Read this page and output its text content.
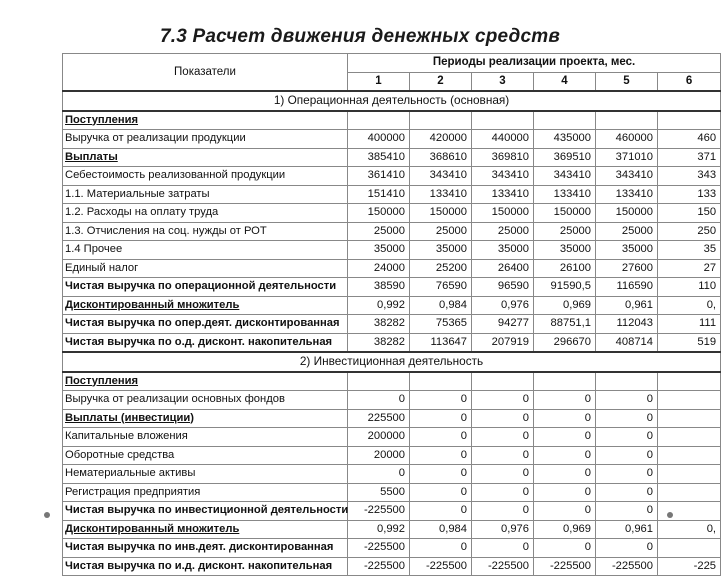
7.3 Расчет движения денежных средств
Показатели	Периоды реализации проекта, мес.					
	1	2	3	4	5	6
1) Операционная деятельность (основная)						
Поступления						
Выручка от реализации продукции	400000	420000	440000	435000	460000	460
Выплаты	385410	368610	369810	369510	371010	371
Себестоимость реализованной продукции	361410	343410	343410	343410	343410	343
1.1. Материальные затраты	151410	133410	133410	133410	133410	133
1.2. Расходы на оплату труда	150000	150000	150000	150000	150000	150
1.3. Отчисления на соц. нужды от РОТ	25000	25000	25000	25000	25000	250
1.4 Прочее	35000	35000	35000	35000	35000	35
Единый налог	24000	25200	26400	26100	27600	27
Чистая выручка по операционной деятельности	38590	76590	96590	91590,5	116590	110
Дисконтированный множитель	0,992	0,984	0,976	0,969	0,961	0,
Чистая выручка по опер.деят. дисконтированная	38282	75365	94277	88751,1	112043	111
Чистая выручка по о.д. дисконт. накопительная	38282	113647	207919	296670	408714	519
2) Инвестиционная деятельность						
Поступления						
Выручка от реализации основных фондов	0	0	0	0	0	
Выплаты (инвестиции)	225500	0	0	0	0	
Капитальные вложения	200000	0	0	0	0	
Оборотные средства	20000	0	0	0	0	
Нематериальные активы	0	0	0	0	0	
Регистрация предприятия	5500	0	0	0	0	
Чистая выручка по инвестиционной деятельности	-225500	0	0	0	0	
Дисконтированный множитель	0,992	0,984	0,976	0,969	0,961	0,
Чистая выручка по инв.деят. дисконтированная	-225500	0	0	0	0	
Чистая выручка по и.д. дисконт. накопительная	-225500	-225500	-225500	-225500	-225500	-225
